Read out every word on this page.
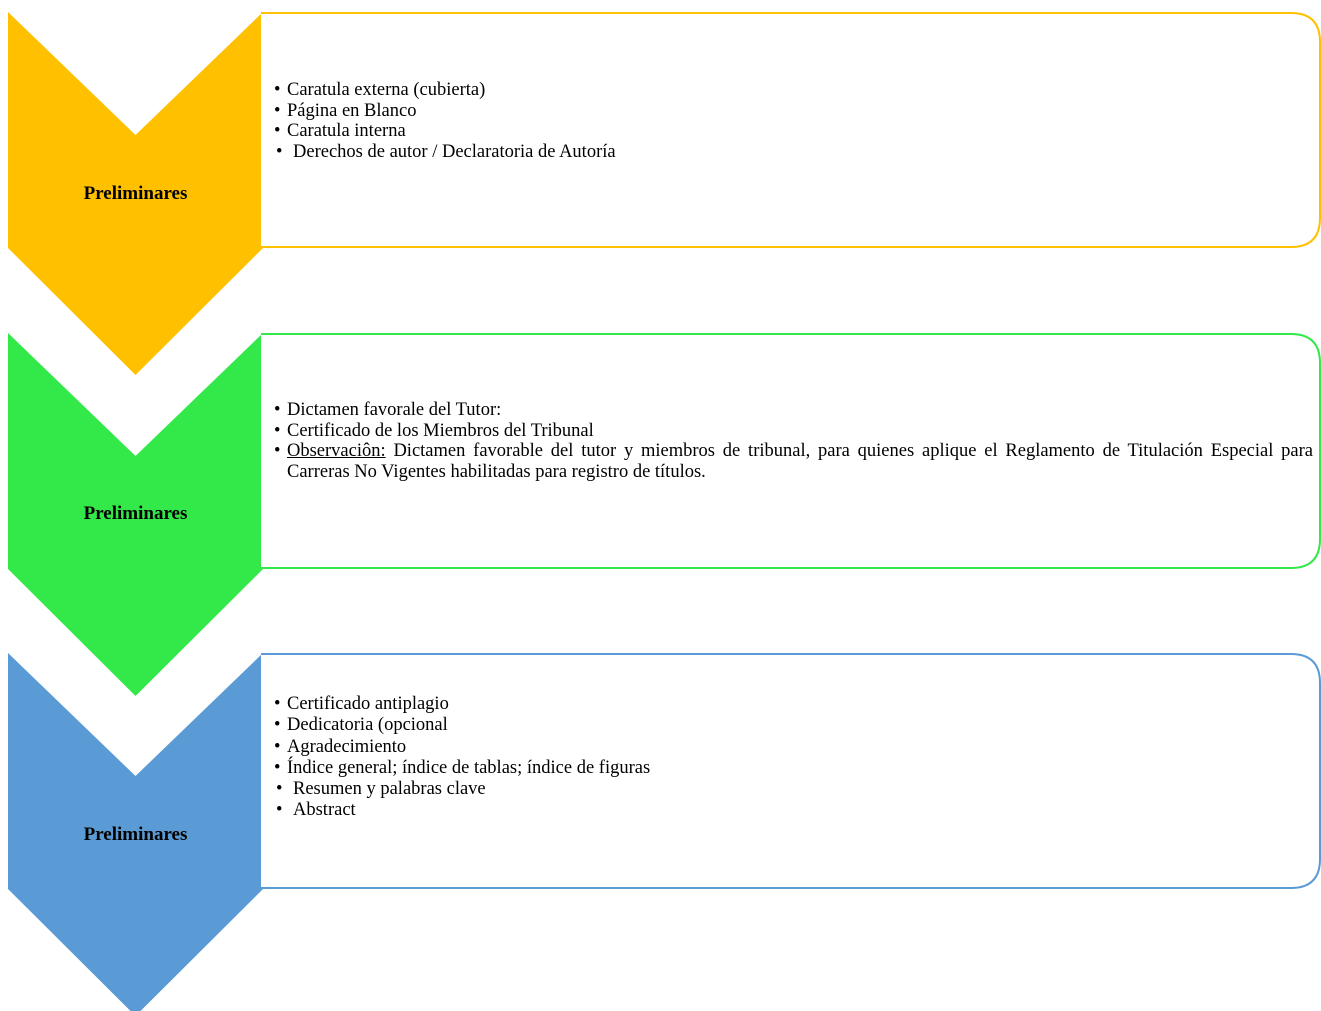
Preliminares
• Caratula externa (cubierta)
• Página en Blanco
• Caratula interna
• Derechos de autor / Declaratoria de Autoría
Preliminares
• Dictamen favorale del Tutor:
• Certificado de los Miembros del Tribunal
• Observaciôn: Dictamen favorable del tutor y miembros de tribunal, para quienes aplique el Reglamento de Titulación Especial para Carreras No Vigentes habilitadas para registro de títulos.
Preliminares
• Certificado antiplagio
• Dedicatoria (opcional
• Agradecimiento
• Índice general; índice de tablas; índice de figuras
• Resumen y palabras clave
• Abstract
